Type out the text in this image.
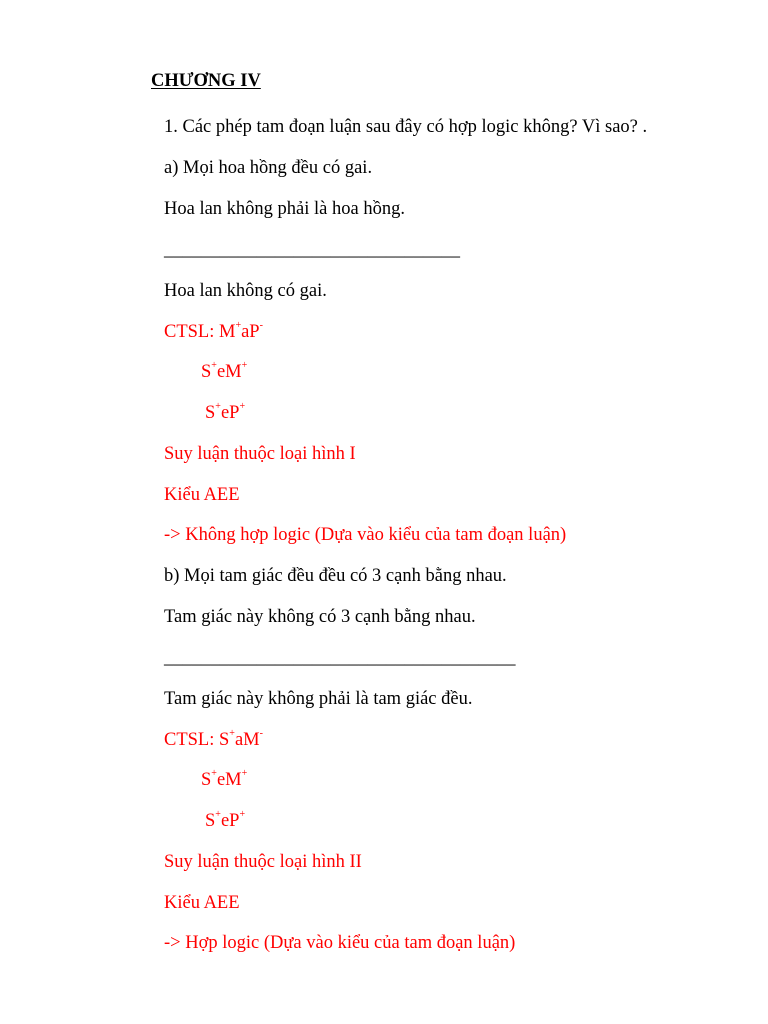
CHƯƠNG IV
1. Các phép tam đoạn luận sau đây có hợp logic không? Vì sao? .
a) Mọi hoa hồng đều có gai.
Hoa lan không phải là hoa hồng.
________________________________
Hoa lan không có gai.
CTSL: M+aP-
S+eM+
S+eP+
Suy luận thuộc loại hình I
Kiểu AEE
-> Không hợp logic (Dựa vào kiểu của tam đoạn luận)
b) Mọi tam giác đều đều có 3 cạnh bằng nhau.
Tam giác này không có 3 cạnh bằng nhau.
______________________________________
Tam giác này không phải là tam giác đều.
CTSL: S+aM-
S+eM+
S+eP+
Suy luận thuộc loại hình II
Kiểu AEE
-> Hợp logic (Dựa vào kiểu của tam đoạn luận)
